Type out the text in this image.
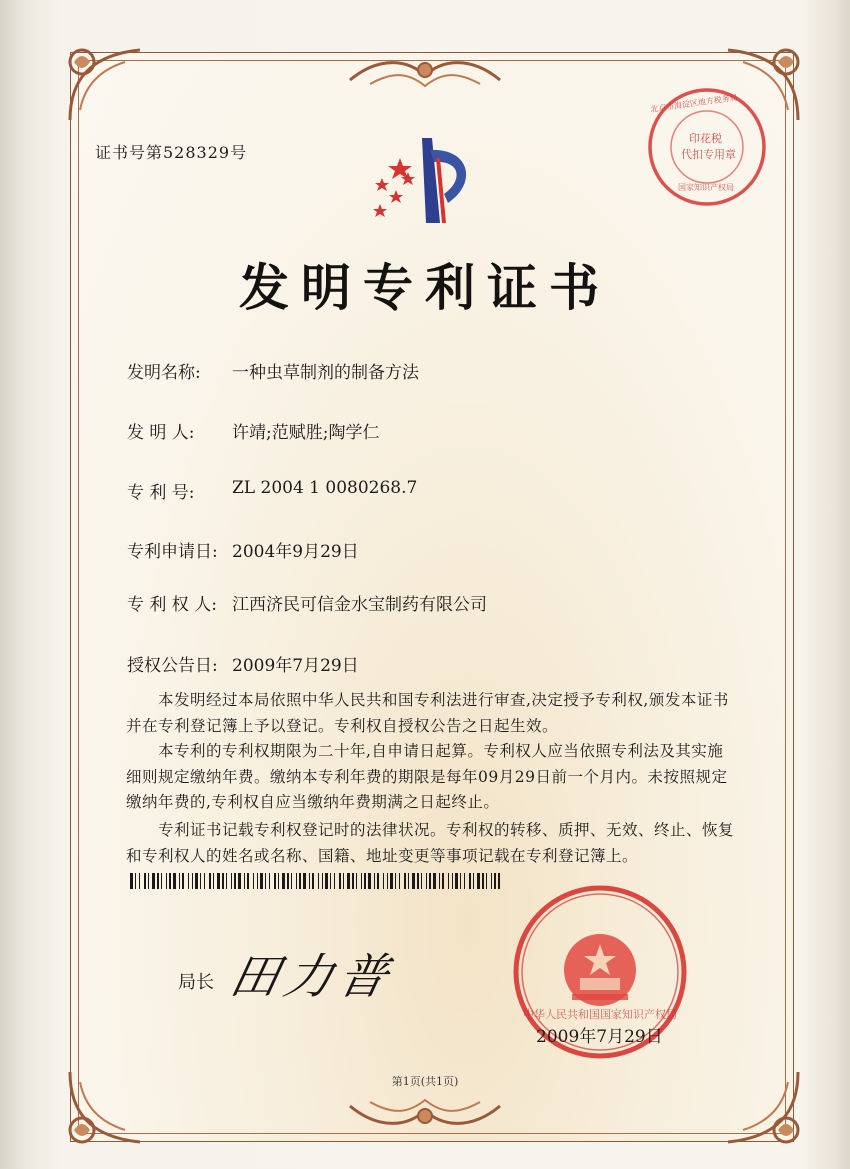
证书号第528329号
印花税
代扣专用章
北京市海淀区地方税务局
国家知识产权局
发明专利证书
发明名称: 一种虫草制剂的制备方法
发 明 人: 许靖;范赋胜;陶学仁
专 利 号: ZL 2004 1 0080268.7
专利申请日: 2004年9月29日
专 利 权 人: 江西济民可信金水宝制药有限公司
授权公告日: 2009年7月29日
本发明经过本局依照中华人民共和国专利法进行审查,决定授予专利权,颁发本证书并在专利登记簿上予以登记。专利权自授权公告之日起生效。
本专利的专利权期限为二十年,自申请日起算。专利权人应当依照专利法及其实施细则规定缴纳年费。缴纳本专利年费的期限是每年09月29日前一个月内。未按照规定缴纳年费的,专利权自应当缴纳年费期满之日起终止。
专利证书记载专利权登记时的法律状况。专利权的转移、质押、无效、终止、恢复和专利权人的姓名或名称、国籍、地址变更等事项记载在专利登记簿上。
中华人民共和国国家知识产权局
局长 田力普
2009年7月29日
第1页(共1页)
